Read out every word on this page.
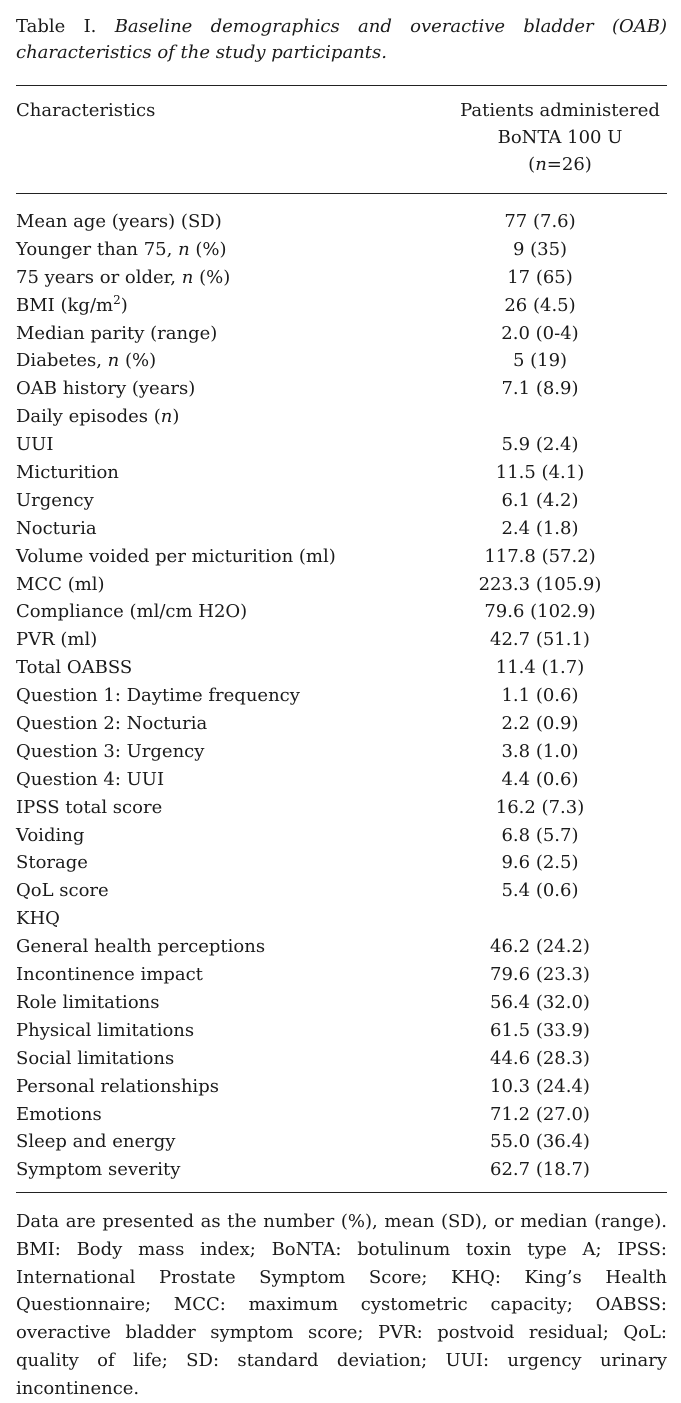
Table I. Baseline demographics and overactive bladder (OAB) characteristics of the study participants.
Characteristics	Patients administered
BoNTA 100 U
(n=26)
Mean age (years) (SD)	77 (7.6)
Younger than 75, n (%)	9 (35)
75 years or older, n (%)	17 (65)
BMI $(kg/m^2)$	26 (4.5)
Median parity (range)	2.0 (0-4)
Diabetes, n (%)	5 (19)
OAB history (years)	7.1 (8.9)
Daily episodes (n)
UUI	5.9 (2.4)
Micturition	11.5 (4.1)
Urgency	6.1 (4.2)
Nocturia	2.4 (1.8)
Volume voided per micturition (ml)	117.8 (57.2)
MCC (ml)	223.3 (105.9)
Compliance (ml/cm H2O)	79.6 (102.9)
PVR (ml)	42.7 (51.1)
Total OABSS	11.4 (1.7)
Question 1: Daytime frequency	1.1 (0.6)
Question 2: Nocturia	2.2 (0.9)
Question 3: Urgency	3.8 (1.0)
Question 4: UUI	4.4 (0.6)
IPSS total score	16.2 (7.3)
Voiding	6.8 (5.7)
Storage	9.6 (2.5)
QoL score	5.4 (0.6)
KHQ
General health perceptions	46.2 (24.2)
Incontinence impact	79.6 (23.3)
Role limitations	56.4 (32.0)
Physical limitations	61.5 (33.9)
Social limitations	44.6 (28.3)
Personal relationships	10.3 (24.4)
Emotions	71.2 (27.0)
Sleep and energy	55.0 (36.4)
Symptom severity	62.7 (18.7)

Data are presented as the number (%), mean (SD), or median (range). BMI: Body mass index; BoNTA: botulinum toxin type A; IPSS: International Prostate Symptom Score; KHQ: King’s Health Questionnaire; MCC: maximum cystometric capacity; OABSS: overactive bladder symptom score; PVR: postvoid residual; QoL: quality of life; SD: standard deviation; UUI: urgency urinary incontinence.
